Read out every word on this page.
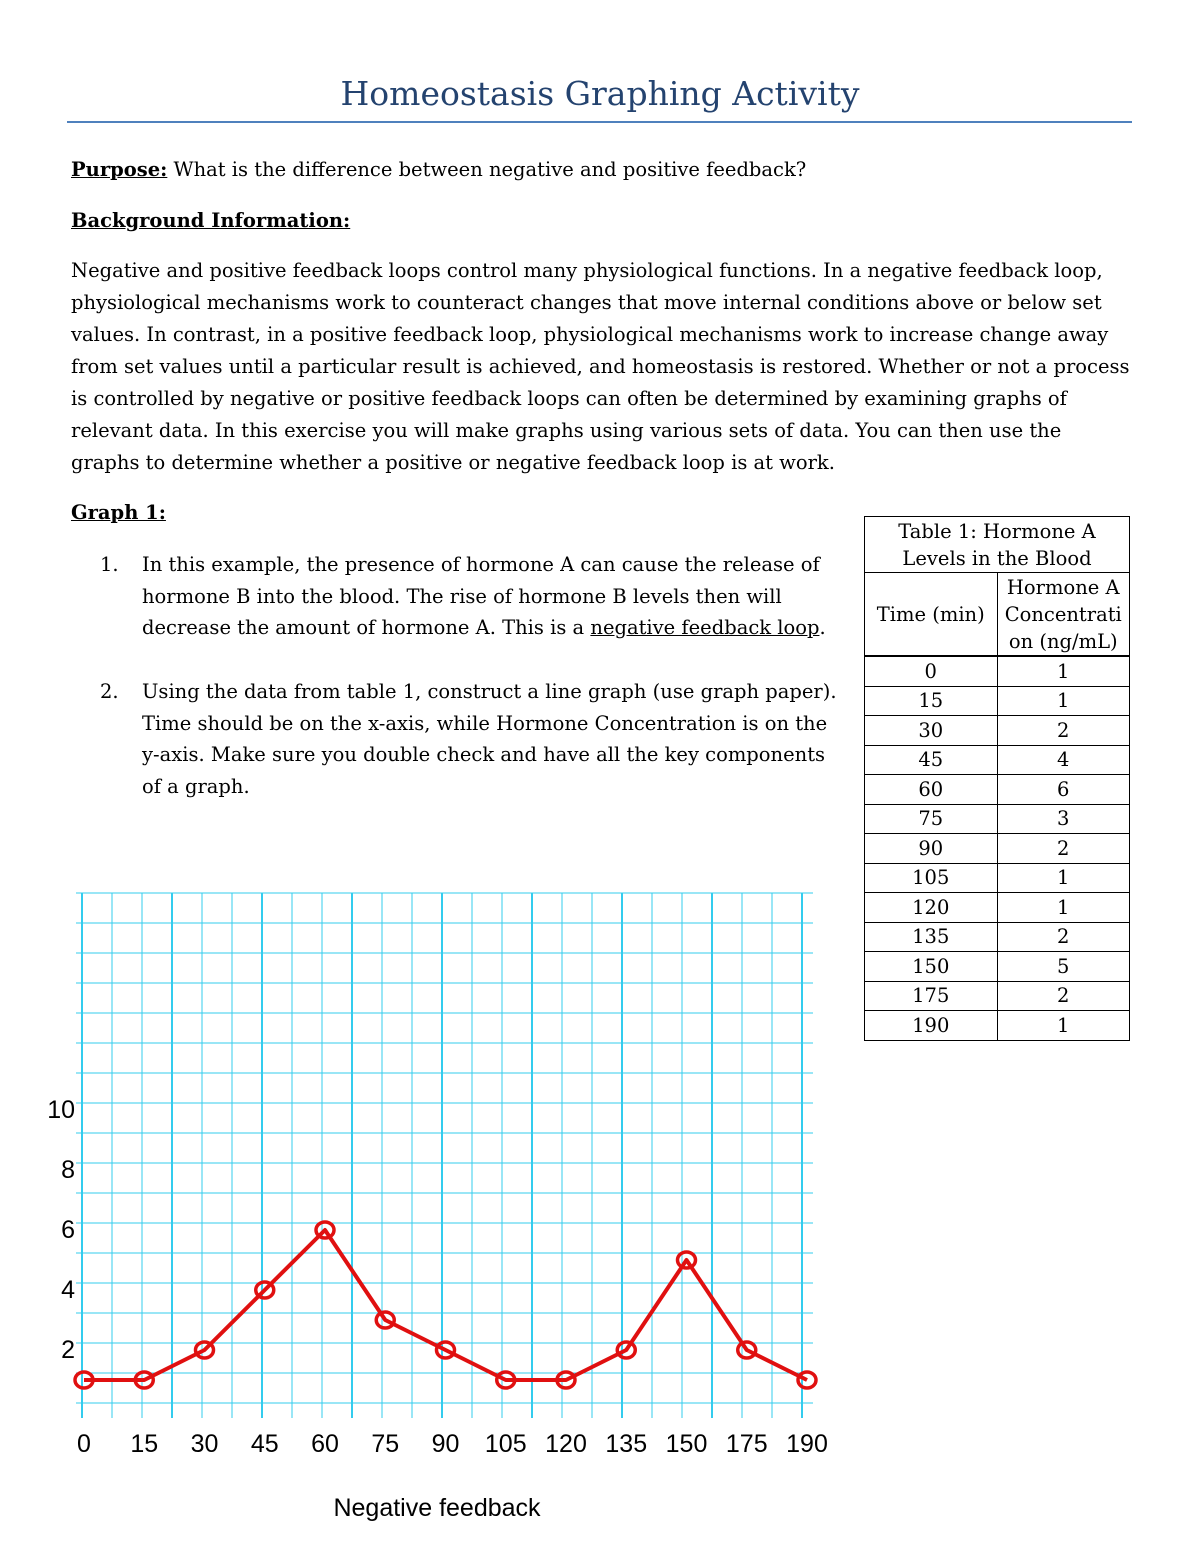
Homeostasis Graphing Activity
Purpose: What is the difference between negative and positive feedback?
Background Information:
Negative and positive feedback loops control many physiological functions. In a negative feedback loop, physiological mechanisms work to counteract changes that move internal conditions above or below set values. In contrast, in a positive feedback loop, physiological mechanisms work to increase change away from set values until a particular result is achieved, and homeostasis is restored. Whether or not a process is controlled by negative or positive feedback loops can often be determined by examining graphs of relevant data. In this exercise you will make graphs using various sets of data. You can then use the graphs to determine whether a positive or negative feedback loop is at work.
Graph 1:
1. In this example, the presence of hormone A can cause the release of hormone B into the blood. The rise of hormone B levels then will decrease the amount of hormone A. This is a negative feedback loop.
2. Using the data from table 1, construct a line graph (use graph paper). Time should be on the x-axis, while Hormone Concentration is on the y-axis. Make sure you double check and have all the key components of a graph.
Table 1: Hormone A Levels in the Blood	
Time (min)	Hormone A Concentrati on (ng/mL)
0	1
15	1
30	2
45	4
60	6
75	3
90	2
105	1
120	1
135	2
150	5
175	2
190	1
0 15 30 45 60 75 90 105 120 135 150 175 190
2
4
6
8
10
Negative feedback
